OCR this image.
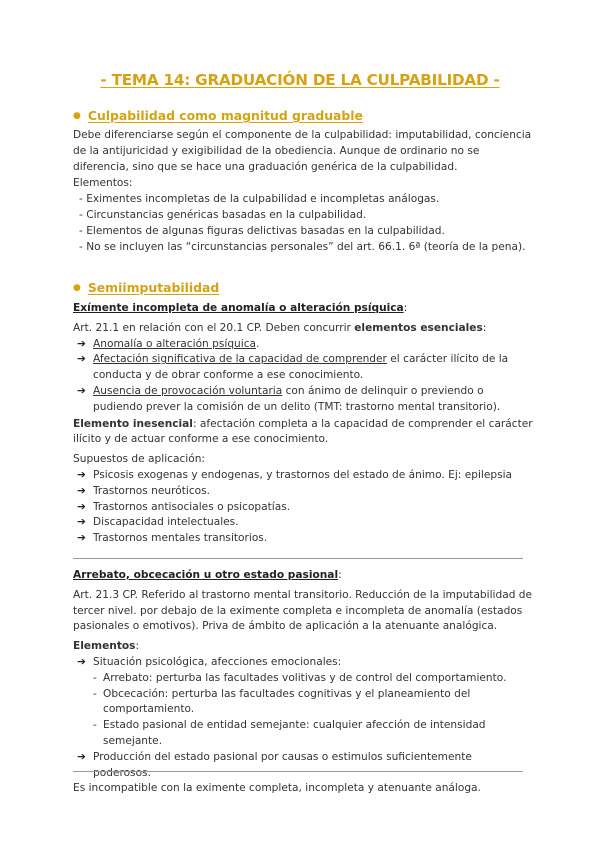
- TEMA 14: GRADUACIÓN DE LA CULPABILIDAD -
● Culpabilidad como magnitud graduable

Debe diferenciarse según el componente de la culpabilidad: imputabilidad, conciencia de la antijuricidad y exigibilidad de la obediencia. Aunque de ordinario no se diferencia, sino que se hace una graduación genérica de la culpabilidad.

Elementos:

- Eximentes incompletas de la culpabilidad e incompletas análogas.
- Circunstancias genéricas basadas en la culpabilidad.
- Elementos de algunas figuras delictivas basadas en la culpabilidad.
- No se incluyen las “circunstancias personales” del art. 66.1. 6ª (teoría de la pena).
● Semiimputabilidad

Exímente incompleta de anomalía o alteración psíquica:

Art. 21.1 en relación con el 20.1 CP. Deben concurrir elementos esenciales:

➔ Anomalía o alteración psíquica.
➔ Afectación significativa de la capacidad de comprender el carácter ilícito de la conducta y de obrar conforme a ese conocimiento.
➔ Ausencia de provocación voluntaria con ánimo de delinquir o previendo o pudiendo prever la comisión de un delito (TMT: trastorno mental transitorio).

Elemento inesencial: afectación completa a la capacidad de comprender el carácter ilícito y de actuar conforme a ese conocimiento.

Supuestos de aplicación:

➔ Psicosis exogenas y endogenas, y trastornos del estado de ánimo. Ej: epilepsia
➔ Trastornos neuróticos.
➔ Trastornos antisociales o psicopatías.
➔ Discapacidad intelectuales.
➔ Trastornos mentales transitorios.

Arrebato, obcecación u otro estado pasional:

Art. 21.3 CP. Referido al trastorno mental transitorio. Reducción de la imputabilidad de tercer nivel. por debajo de la eximente completa e incompleta de anomalía (estados pasionales o emotivos). Priva de ámbito de aplicación a la atenuante analógica.

Elementos:

➔ Situación psicológica, afecciones emocionales:
- Arrebato: perturba las facultades volitivas y de control del comportamiento.
- Obcecación: perturba las facultades cognitivas y el planeamiento del comportamiento.
- Estado pasional de entidad semejante: cualquier afección de intensidad semejante.
➔ Producción del estado pasional por causas o estimulos suficientemente poderosos.

Es incompatible con la eximente completa, incompleta y atenuante análoga.
